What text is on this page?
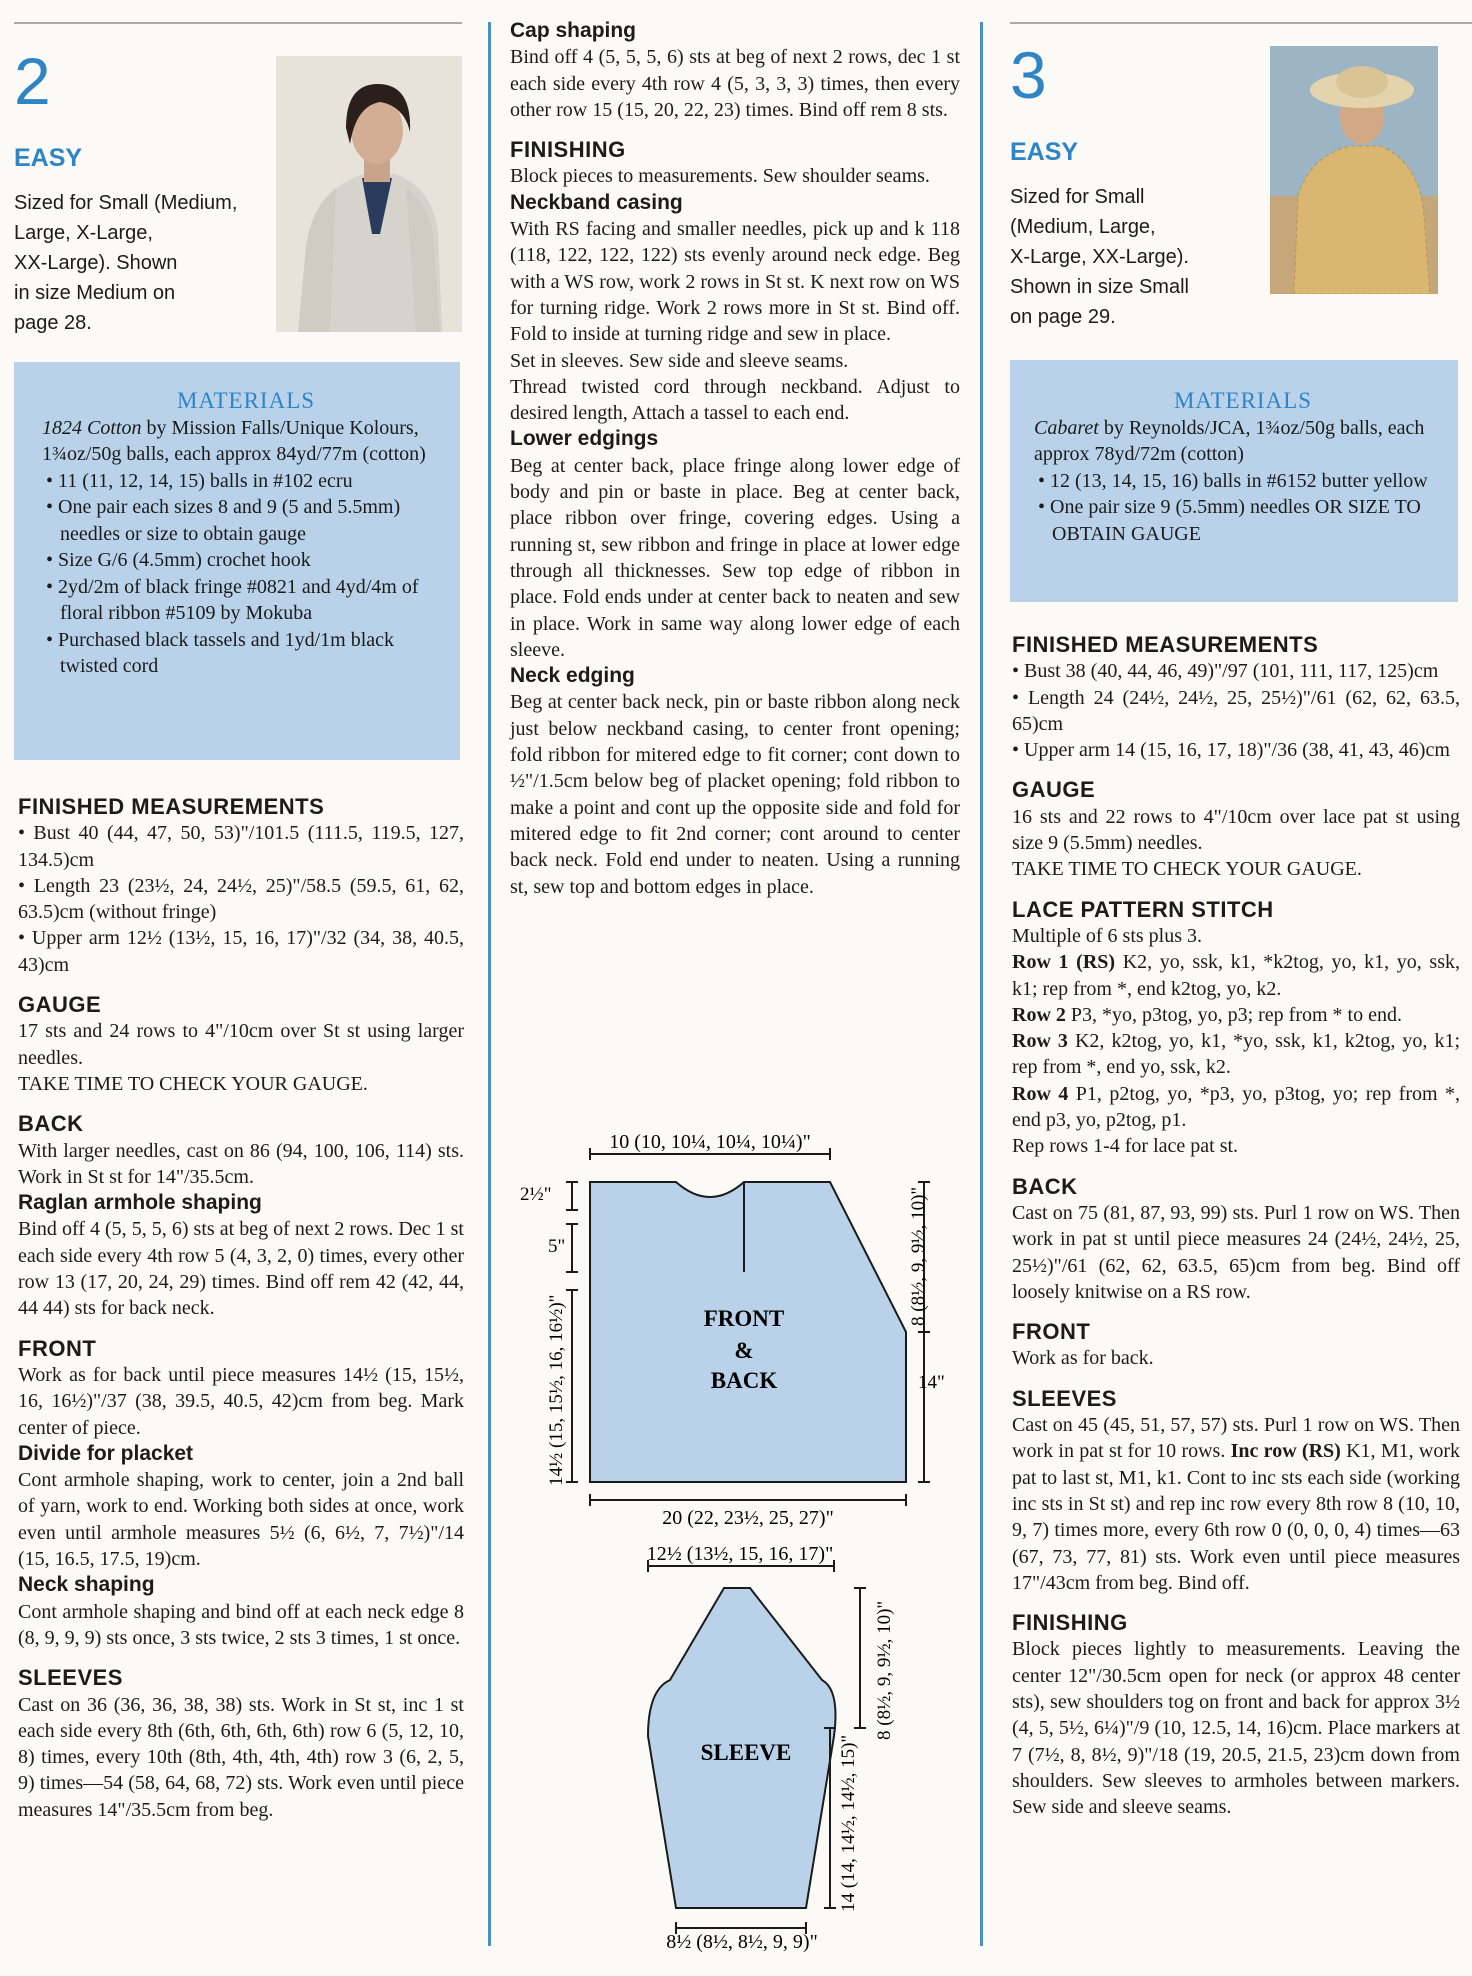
2
EASY
Sized for Small (Medium,
Large, X-Large,
XX-Large). Shown
in size Medium on
page 28.
MATERIALS

1824 Cotton by Mission Falls/Unique Kolours, 1¾oz/50g balls, each approx 84yd/77m (cotton)

• 11 (11, 12, 14, 15) balls in #102 ecru
• One pair each sizes 8 and 9 (5 and 5.5mm) needles or size to obtain gauge
• Size G/6 (4.5mm) crochet hook
• 2yd/2m of black fringe #0821 and 4yd/4m of floral ribbon #5109 by Mokuba
• Purchased black tassels and 1yd/1m black twisted cord
FINISHED MEASUREMENTS

• Bust 40 (44, 47, 50, 53)"/101.5 (111.5, 119.5, 127, 134.5)cm

• Length 23 (23½, 24, 24½, 25)"/58.5 (59.5, 61, 62, 63.5)cm (without fringe)

• Upper arm 12½ (13½, 15, 16, 17)"/32 (34, 38, 40.5, 43)cm

GAUGE

17 sts and 24 rows to 4"/10cm over St st using larger needles.

TAKE TIME TO CHECK YOUR GAUGE.

BACK

With larger needles, cast on 86 (94, 100, 106, 114) sts. Work in St st for 14"/35.5cm.

Raglan armhole shaping

Bind off 4 (5, 5, 5, 6) sts at beg of next 2 rows. Dec 1 st each side every 4th row 5 (4, 3, 2, 0) times, every other row 13 (17, 20, 24, 29) times. Bind off rem 42 (42, 44, 44 44) sts for back neck.

FRONT

Work as for back until piece measures 14½ (15, 15½, 16, 16½)"/37 (38, 39.5, 40.5, 42)cm from beg. Mark center of piece.

Divide for placket

Cont armhole shaping, work to center, join a 2nd ball of yarn, work to end. Working both sides at once, work even until armhole measures 5½ (6, 6½, 7, 7½)"/14 (15, 16.5, 17.5, 19)cm.

Neck shaping

Cont armhole shaping and bind off at each neck edge 8 (8, 9, 9, 9) sts once, 3 sts twice, 2 sts 3 times, 1 st once.

SLEEVES

Cast on 36 (36, 36, 38, 38) sts. Work in St st, inc 1 st each side every 8th (6th, 6th, 6th, 6th) row 6 (5, 12, 10, 8) times, every 10th (8th, 4th, 4th, 4th) row 3 (6, 2, 5, 9) times—54 (58, 64, 68, 72) sts. Work even until piece measures 14"/35.5cm from beg.

Cap shaping

Bind off 4 (5, 5, 5, 6) sts at beg of next 2 rows, dec 1 st each side every 4th row 4 (5, 3, 3, 3) times, then every other row 15 (15, 20, 22, 23) times. Bind off rem 8 sts.

FINISHING

Block pieces to measurements. Sew shoulder seams.

Neckband casing

With RS facing and smaller needles, pick up and k 118 (118, 122, 122, 122) sts evenly around neck edge. Beg with a WS row, work 2 rows in St st. K next row on WS for turning ridge. Work 2 rows more in St st. Bind off. Fold to inside at turning ridge and sew in place.

Set in sleeves. Sew side and sleeve seams.

Thread twisted cord through neckband. Adjust to desired length, Attach a tassel to each end.

Lower edgings

Beg at center back, place fringe along lower edge of body and pin or baste in place. Beg at center back, place ribbon over fringe, covering edges. Using a running st, sew ribbon and fringe in place at lower edge through all thicknesses. Sew top edge of ribbon in place. Fold ends under at center back to neaten and sew in place. Work in same way along lower edge of each sleeve.

Neck edging

Beg at center back neck, pin or baste ribbon along neck just below neckband casing, to center front opening; fold ribbon for mitered edge to fit corner; cont down to ½"/1.5cm below beg of placket opening; fold ribbon to make a point and cont up the opposite side and fold for mitered edge to fit 2nd corner; cont around to center back neck. Fold end under to neaten. Using a running st, sew top and bottom edges in place.

FRONT
&
BACK
10 (10, 10¼, 10¼, 10¼)"
2½"
5"
14½ (15, 15½, 16, 16½)"
8 (8½, 9, 9½, 10)"
14"
20 (22, 23½, 25, 27)"
SLEEVE
12½ (13½, 15, 16, 17)"
8 (8½, 9, 9½, 10)"
14 (14, 14½, 14½, 15)"
8½ (8½, 8½, 9, 9)"
3
EASY
Sized for Small
(Medium, Large,
X-Large, XX-Large).
Shown in size Small
on page 29.
MATERIALS

Cabaret by Reynolds/JCA, 1¾oz/50g balls, each approx 78yd/72m (cotton)

• 12 (13, 14, 15, 16) balls in #6152 butter yellow
• One pair size 9 (5.5mm) needles OR SIZE TO OBTAIN GAUGE
FINISHED MEASUREMENTS

• Bust 38 (40, 44, 46, 49)"/97 (101, 111, 117, 125)cm

• Length 24 (24½, 24½, 25, 25½)"/61 (62, 62, 63.5, 65)cm

• Upper arm 14 (15, 16, 17, 18)"/36 (38, 41, 43, 46)cm

GAUGE

16 sts and 22 rows to 4"/10cm over lace pat st using size 9 (5.5mm) needles.

TAKE TIME TO CHECK YOUR GAUGE.

LACE PATTERN STITCH

Multiple of 6 sts plus 3.

Row 1 (RS) K2, yo, ssk, k1, *k2tog, yo, k1, yo, ssk, k1; rep from *, end k2tog, yo, k2.

Row 2 P3, *yo, p3tog, yo, p3; rep from * to end.

Row 3 K2, k2tog, yo, k1, *yo, ssk, k1, k2tog, yo, k1; rep from *, end yo, ssk, k2.

Row 4 P1, p2tog, yo, *p3, yo, p3tog, yo; rep from *, end p3, yo, p2tog, p1.

Rep rows 1-4 for lace pat st.

BACK

Cast on 75 (81, 87, 93, 99) sts. Purl 1 row on WS. Then work in pat st until piece measures 24 (24½, 24½, 25, 25½)"/61 (62, 62, 63.5, 65)cm from beg. Bind off loosely knitwise on a RS row.

FRONT

Work as for back.

SLEEVES

Cast on 45 (45, 51, 57, 57) sts. Purl 1 row on WS. Then work in pat st for 10 rows. Inc row (RS) K1, M1, work pat to last st, M1, k1. Cont to inc sts each side (working inc sts in St st) and rep inc row every 8th row 8 (10, 10, 9, 7) times more, every 6th row 0 (0, 0, 0, 4) times—63 (67, 73, 77, 81) sts. Work even until piece measures 17"/43cm from beg. Bind off.

FINISHING

Block pieces lightly to measurements. Leaving the center 12"/30.5cm open for neck (or approx 48 center sts), sew shoulders tog on front and back for approx 3½ (4, 5, 5½, 6¼)"/9 (10, 12.5, 14, 16)cm. Place markers at 7 (7½, 8, 8½, 9)"/18 (19, 20.5, 21.5, 23)cm down from shoulders. Sew sleeves to armholes between markers. Sew side and sleeve seams.
